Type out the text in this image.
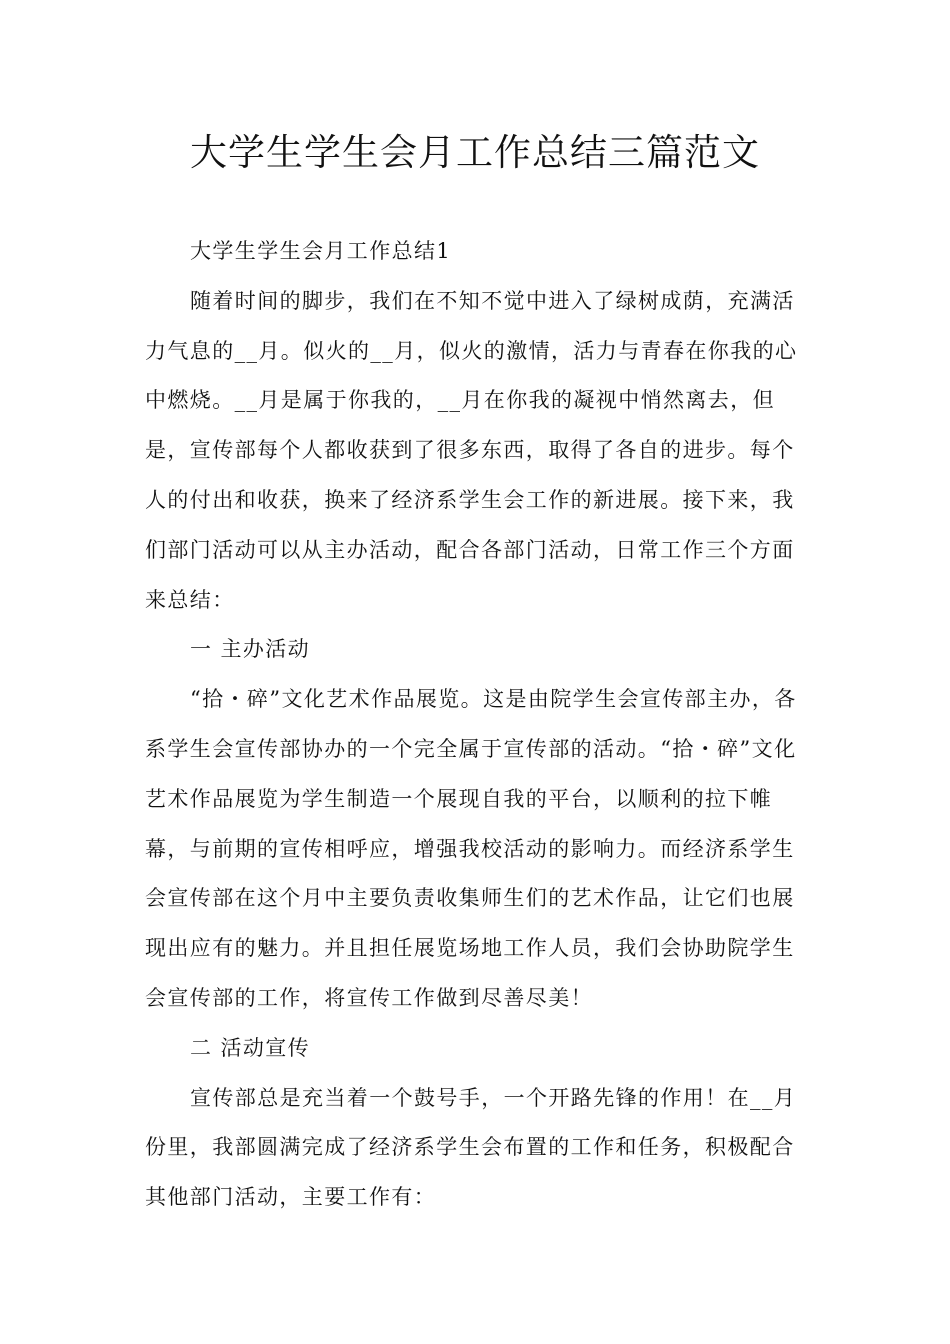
大学生学生会月工作总结三篇范文

大学生学生会月工作总结1

随着时间的脚步，我们在不知不觉中进入了绿树成荫，充满活力气息的__月。似火的__月，似火的激情，活力与青春在你我的心中燃烧。__月是属于你我的，__月在你我的凝视中悄然离去，但是，宣传部每个人都收获到了很多东西，取得了各自的进步。每个人的付出和收获，换来了经济系学生会工作的新进展。接下来，我们部门活动可以从主办活动，配合各部门活动，日常工作三个方面来总结：

一 主办活动

“拾・碎”文化艺术作品展览。这是由院学生会宣传部主办，各系学生会宣传部协办的一个完全属于宣传部的活动。“拾・碎”文化艺术作品展览为学生制造一个展现自我的平台，以顺利的拉下帷幕，与前期的宣传相呼应，增强我校活动的影响力。而经济系学生会宣传部在这个月中主要负责收集师生们的艺术作品，让它们也展现出应有的魅力。并且担任展览场地工作人员，我们会协助院学生会宣传部的工作，将宣传工作做到尽善尽美！

二 活动宣传

宣传部总是充当着一个鼓号手，一个开路先锋的作用！在__月份里，我部圆满完成了经济系学生会布置的工作和任务，积极配合其他部门活动，主要工作有：
